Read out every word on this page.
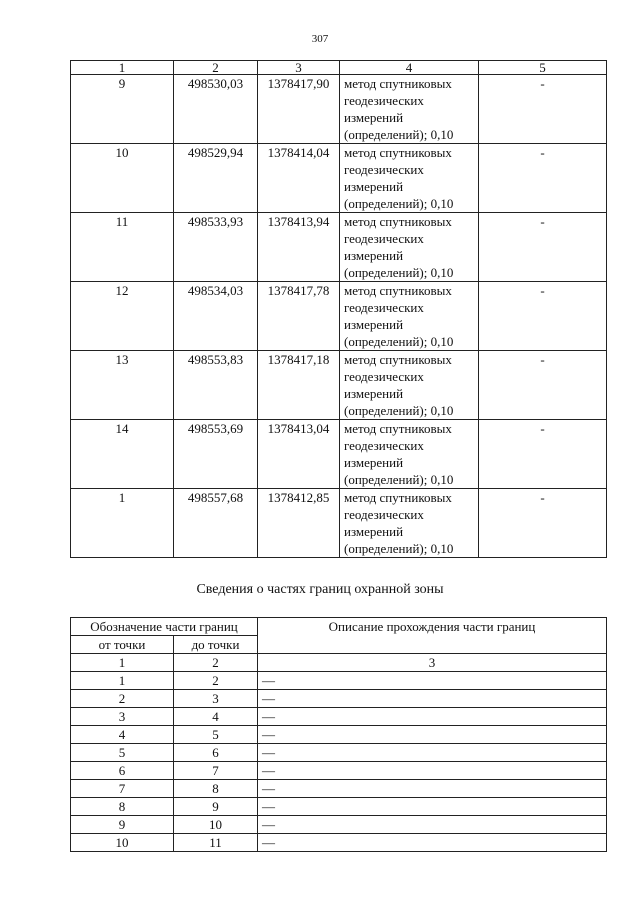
307
1	2	3	4	5
9	498530,03	1378417,90	метод спутниковых
геодезических
измерений
(определений); 0,10	-
10	498529,94	1378414,04	метод спутниковых
геодезических
измерений
(определений); 0,10	-
11	498533,93	1378413,94	метод спутниковых
геодезических
измерений
(определений); 0,10	-
12	498534,03	1378417,78	метод спутниковых
геодезических
измерений
(определений); 0,10	-
13	498553,83	1378417,18	метод спутниковых
геодезических
измерений
(определений); 0,10	-
14	498553,69	1378413,04	метод спутниковых
геодезических
измерений
(определений); 0,10	-
1	498557,68	1378412,85	метод спутниковых
геодезических
измерений
(определений); 0,10	-
Сведения о частях границ охранной зоны
Обозначение части границ		Описание прохождения части границ
от точки	до точки	
1	2	3
1	2	—
2	3	—
3	4	—
4	5	—
5	6	—
6	7	—
7	8	—
8	9	—
9	10	—
10	11	—
